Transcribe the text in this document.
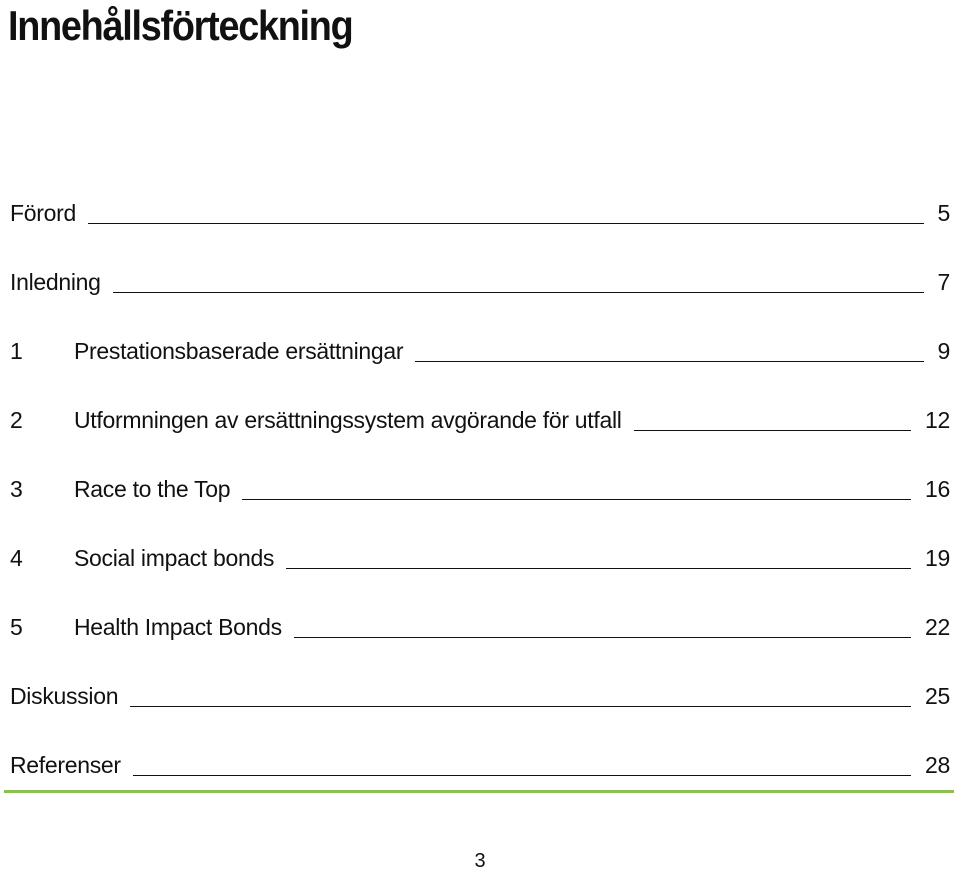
Innehållsförteckning
Förord	5
Inledning	7
1	Prestationsbaserade ersättningar	9
2	Utformningen av ersättningssystem avgörande för utfall	12
3	Race to the Top	16
4	Social impact bonds	19
5	Health Impact Bonds	22
Diskussion	25
Referenser	28
3
